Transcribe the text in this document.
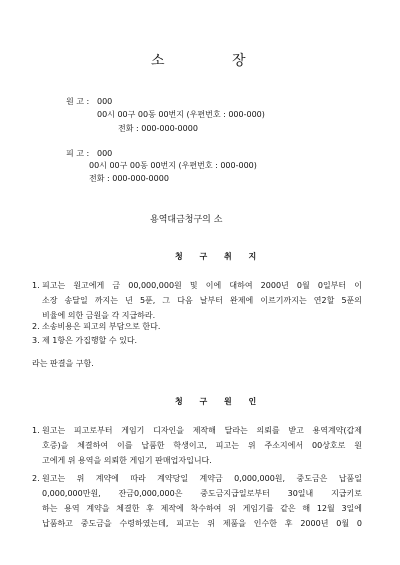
소	장
원 고 : 000
00시 00구 00동 00번지 (우편번호 : 000-000)
전화 : 000-000-0000
피 고 : 000
00시 00구 00동 00번지 (우편번호 : 000-000)
전화 : 000-000-0000
용역대금청구의 소
청 구 취 지
1. 피고는 원고에게 금 00,000,000원 및 이에 대하여 2000년 0월 0일부터 이
소장 송달일 까지는 년 5푼, 그 다음 날부터 완제에 이르기까지는 연2할 5푼의
비율에 의한 금원을 각 지급하라.
2. 소송비용은 피고의 부담으로 한다.
3. 제 1항은 가집행할 수 있다.
라는 판결을 구함.
청 구 원 인
1. 원고는 피고로부터 게임기 디자인을 제작해 달라는 의뢰를 받고 용역계약(갑제
호증)을 체결하여 이를 납품한 학생이고, 피고는 위 주소지에서 00상호로 원
고에게 위 용역을 의뢰한 게임기 판매업자입니다.
2. 원고는 위 계약에 따라 계약당일 계약금 0,000,000원, 중도금은 납품일
0,000,000만원, 잔금0,000,000은 중도금지급일로부터 30일내 지급키로
하는 용역 계약을 체결한 후 제작에 착수하여 위 게임기를 같은 해 12월 3일에
납품하고 중도금을 수령하였는데, 피고는 위 제품을 인수한 후 2000년 0월 0
